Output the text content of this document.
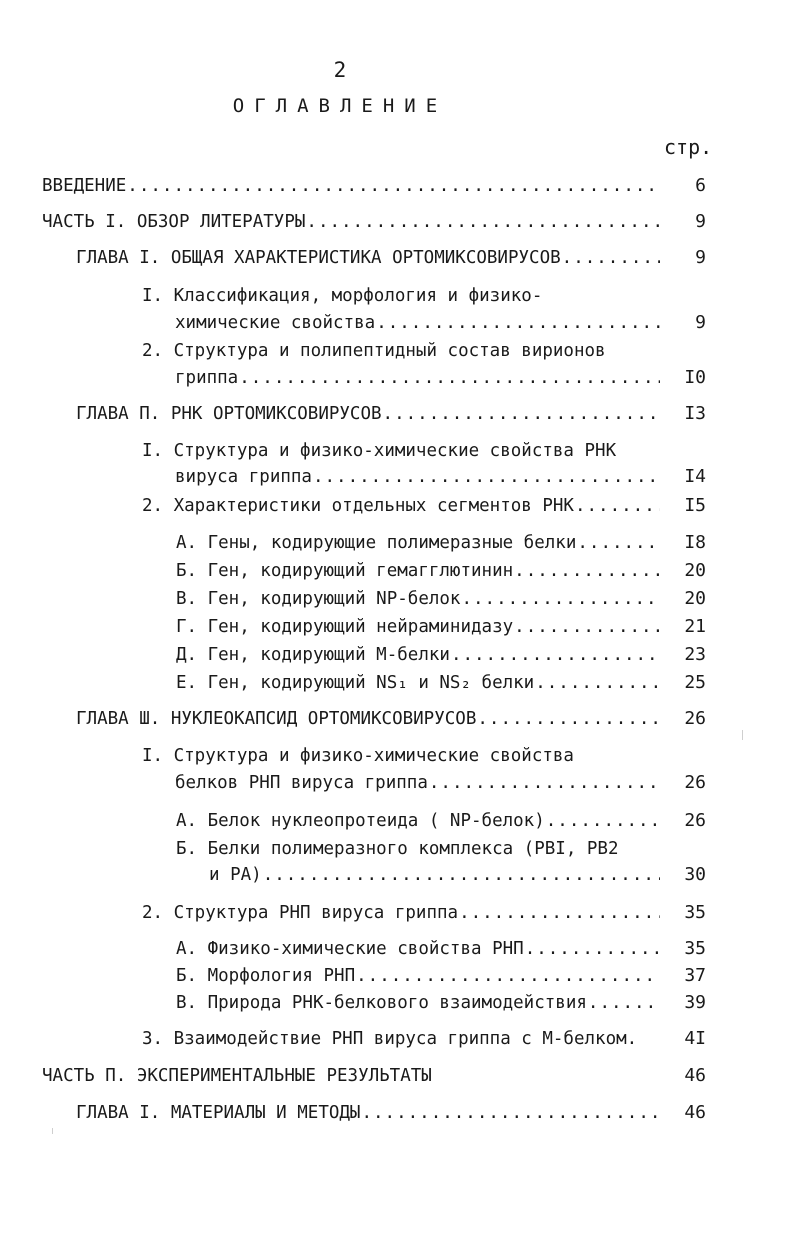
2
ОГЛАВЛЕНИЕ
стр.
ВВЕДЕНИЕ .....	6
ЧАСТЬ I. ОБЗОР ЛИТЕРАТУРЫ .....	9
ГЛАВА I. ОБЩАЯ ХАРАКТЕРИСТИКА ОРТОМИКСОВИРУСОВ .....	9
I. Классификация, морфология и физико-
химические свойства .....	9
2. Структура и полипептидный состав вирионов
гриппа .....	I0
ГЛАВА П. РНК ОРТОМИКСОВИРУСОВ .....	I3
I. Структура и физико-химические свойства РНК
вируса гриппа .....	I4
2. Характеристики отдельных сегментов РНК .....	I5
А. Гены, кодирующие полимеразные белки .....	I8
Б. Ген, кодирующий гемагглютинин .....	20
В. Ген, кодирующий NP-белок .....	20
Г. Ген, кодирующий нейраминидазу .....	21
Д. Ген, кодирующий М-белки .....	23
Е. Ген, кодирующий NS₁ и NS₂ белки .....	25
ГЛАВА Ш. НУКЛЕОКАПСИД ОРТОМИКСОВИРУСОВ .....	26
I. Структура и физико-химические свойства
белков РНП вируса гриппа .....	26
А. Белок нуклеопротеида ( NP-белок) .....	26
Б. Белки полимеразного комплекса (PBI, PB2
и PA) .....	30
2. Структура РНП вируса гриппа .....	35
А. Физико-химические свойства РНП .....	35
Б. Морфология РНП .....	37
В. Природа РНК-белкового взаимодействия .....	39
3. Взаимодействие РНП вируса гриппа с М-белком.	4I
ЧАСТЬ П. ЭКСПЕРИМЕНТАЛЬНЫЕ РЕЗУЛЬТАТЫ	46
ГЛАВА I. МАТЕРИАЛЫ И МЕТОДЫ .....	46
